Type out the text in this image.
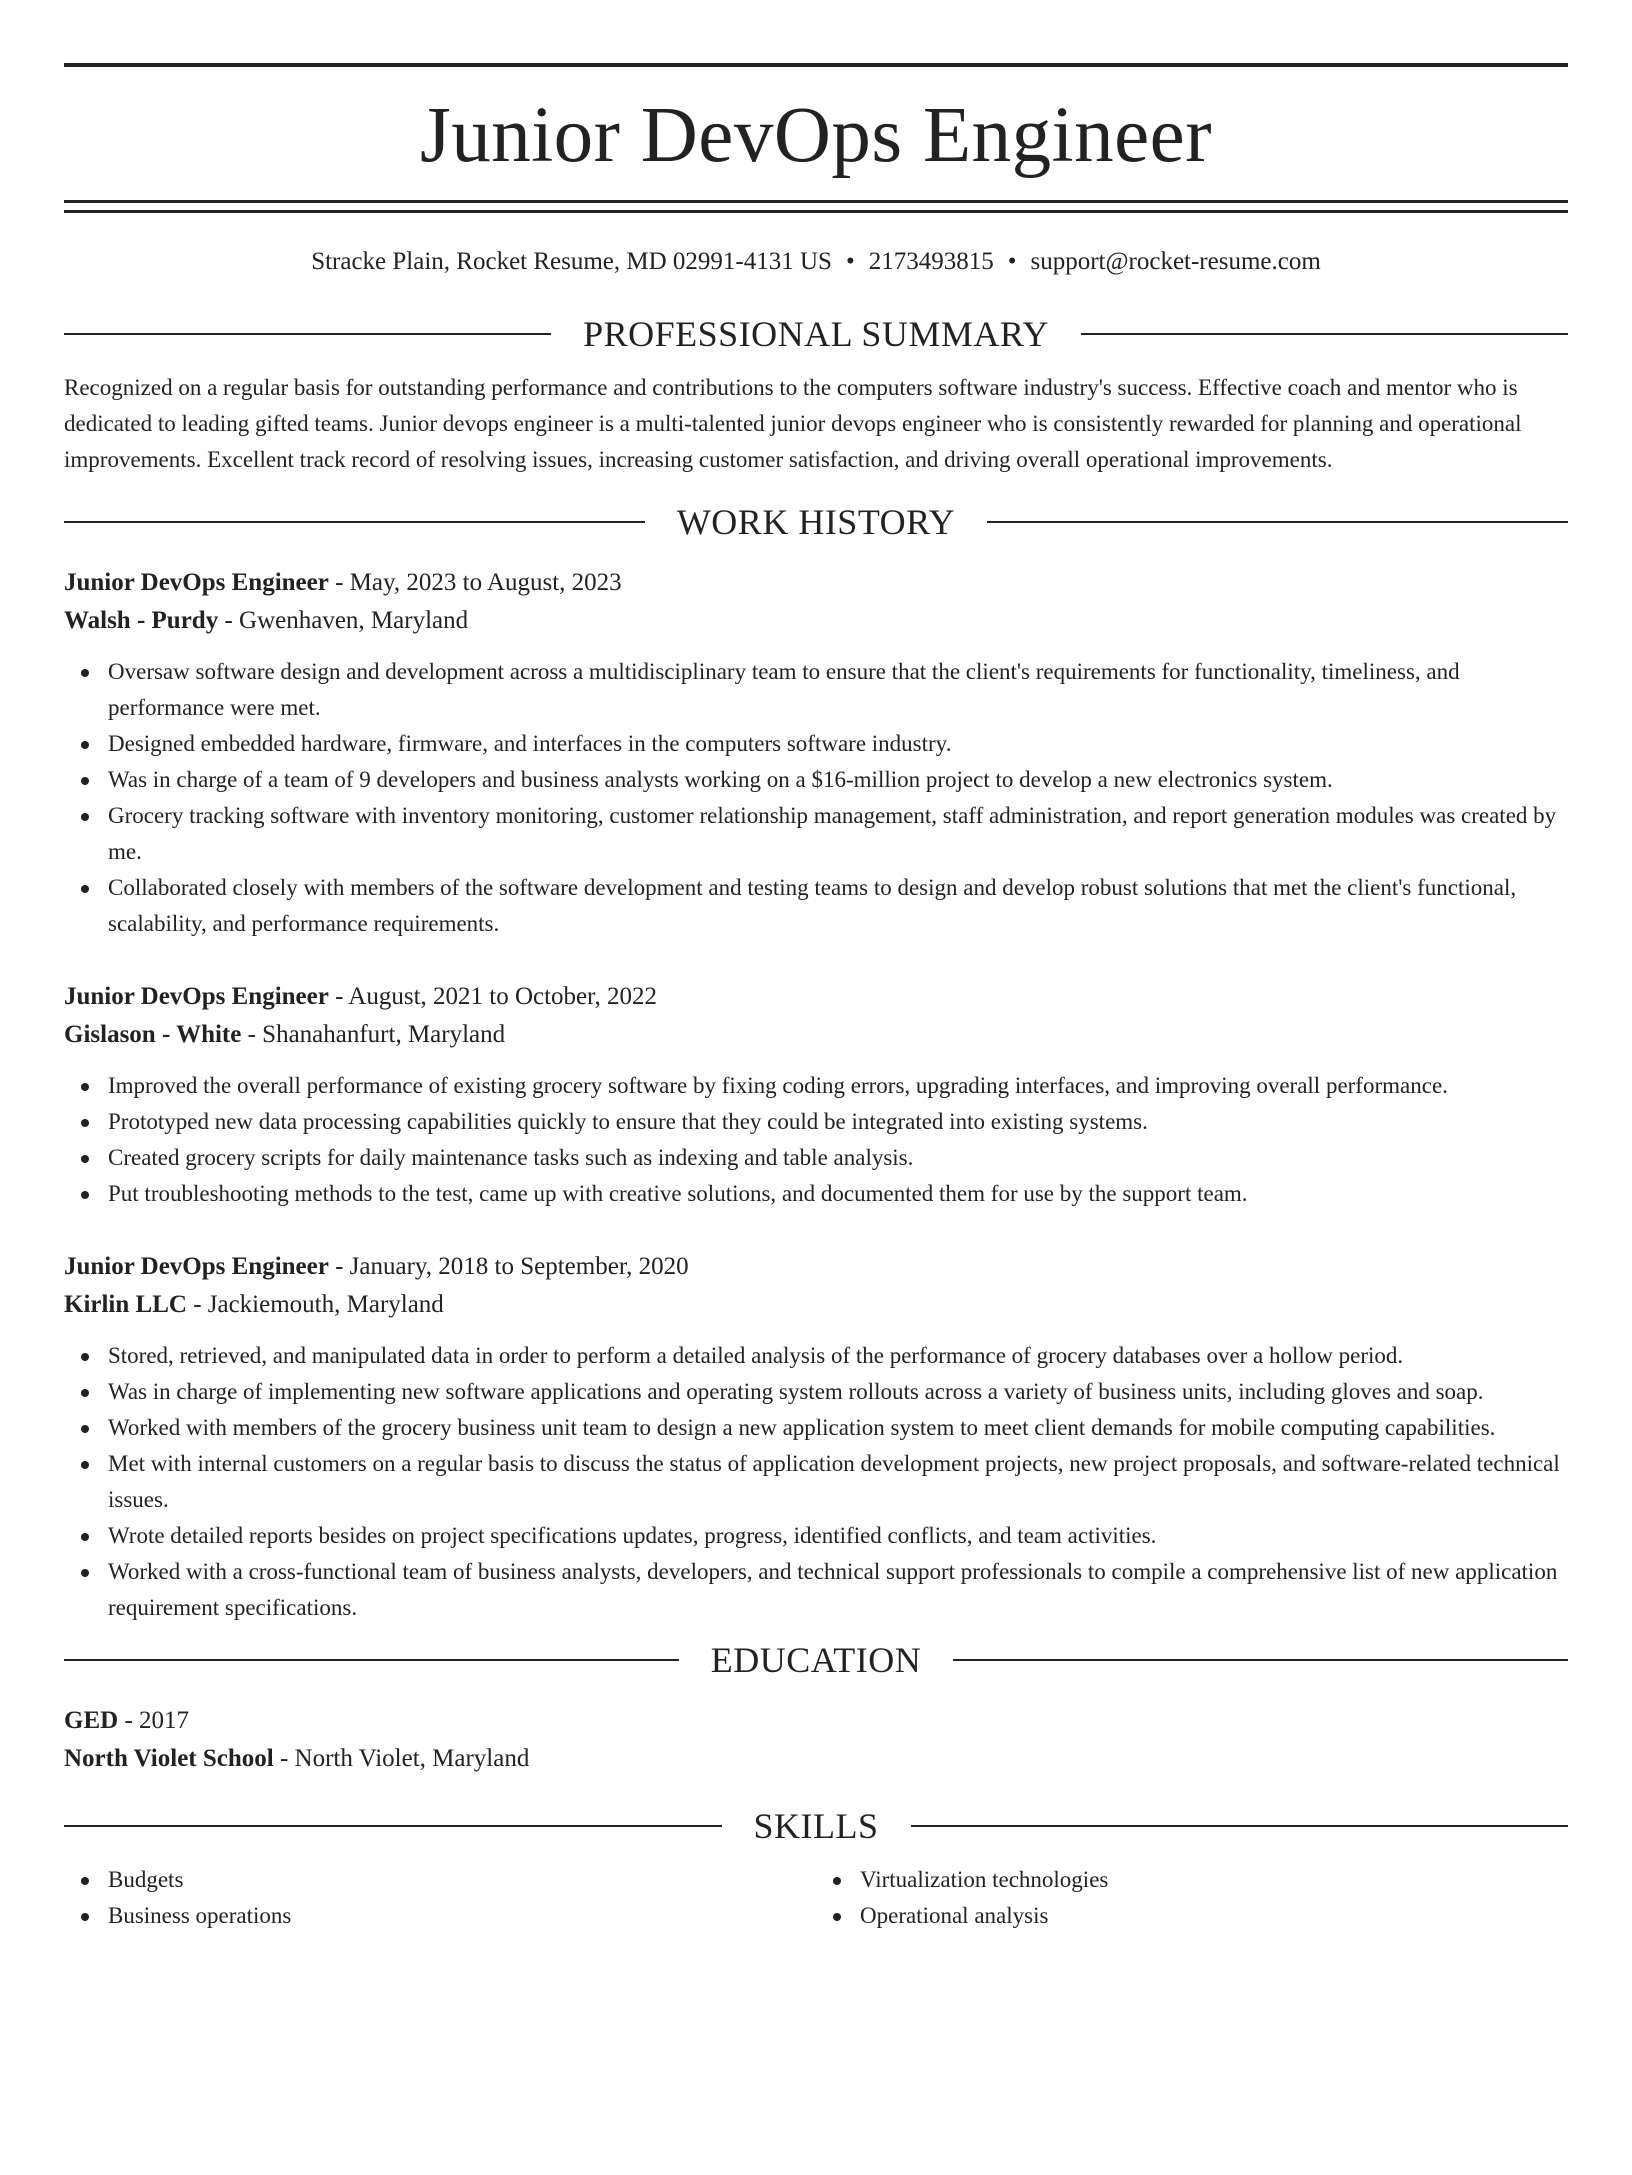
Junior DevOps Engineer
Stracke Plain, Rocket Resume, MD 02991-4131 US • 2173493815 • support@rocket-resume.com
PROFESSIONAL SUMMARY
Recognized on a regular basis for outstanding performance and contributions to the computers software industry's success. Effective coach and mentor who is dedicated to leading gifted teams. Junior devops engineer is a multi-talented junior devops engineer who is consistently rewarded for planning and operational improvements. Excellent track record of resolving issues, increasing customer satisfaction, and driving overall operational improvements.
WORK HISTORY
Junior DevOps Engineer - May, 2023 to August, 2023
Walsh - Purdy - Gwenhaven, Maryland
Oversaw software design and development across a multidisciplinary team to ensure that the client's requirements for functionality, timeliness, and performance were met.
Designed embedded hardware, firmware, and interfaces in the computers software industry.
Was in charge of a team of 9 developers and business analysts working on a $16-million project to develop a new electronics system.
Grocery tracking software with inventory monitoring, customer relationship management, staff administration, and report generation modules was created by me.
Collaborated closely with members of the software development and testing teams to design and develop robust solutions that met the client's functional, scalability, and performance requirements.
Junior DevOps Engineer - August, 2021 to October, 2022
Gislason - White - Shanahanfurt, Maryland
Improved the overall performance of existing grocery software by fixing coding errors, upgrading interfaces, and improving overall performance.
Prototyped new data processing capabilities quickly to ensure that they could be integrated into existing systems.
Created grocery scripts for daily maintenance tasks such as indexing and table analysis.
Put troubleshooting methods to the test, came up with creative solutions, and documented them for use by the support team.
Junior DevOps Engineer - January, 2018 to September, 2020
Kirlin LLC - Jackiemouth, Maryland
Stored, retrieved, and manipulated data in order to perform a detailed analysis of the performance of grocery databases over a hollow period.
Was in charge of implementing new software applications and operating system rollouts across a variety of business units, including gloves and soap.
Worked with members of the grocery business unit team to design a new application system to meet client demands for mobile computing capabilities.
Met with internal customers on a regular basis to discuss the status of application development projects, new project proposals, and software-related technical issues.
Wrote detailed reports besides on project specifications updates, progress, identified conflicts, and team activities.
Worked with a cross-functional team of business analysts, developers, and technical support professionals to compile a comprehensive list of new application requirement specifications.
EDUCATION
GED - 2017
North Violet School - North Violet, Maryland
SKILLS
Budgets
Business operations
Virtualization technologies
Operational analysis
